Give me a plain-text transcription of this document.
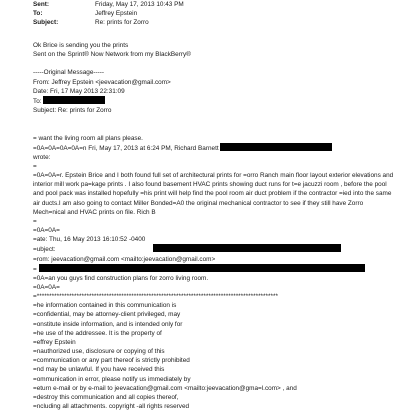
Sent:	Friday, May 17, 2013 10:43 PM
To:	Jeffrey Epstein
Subject:	Re: prints for Zorro
Ok Brice is sending you the prints
Sent on the Sprint® Now Network from my BlackBerry®
-----Original Message-----
From: Jeffrey Epstein <jeevacation@gmail.com>
Date: Fri, 17 May 2013 22:31:09
To:
Subject: Re: prints for Zorro
= want the living room all plans please.
=0A=0A=0A=0A=n Fri, May 17, 2013 at 6:24 PM, Richard Barnett
wrote:
=
=0A=0A=r. Epstein Brice and I both found full set of architectural prints for =orro Ranch main floor layout exterior elevations and interior mill work pa=kage prints . I also found basement HVAC prints showing duct runs for t=e jacuzzi room , before the pool and pool pack was installed hopefully =his print will help find the pool room air duct problem if the contractor =ied into the same air ducts.I am also going to contact Miller Bonded=A0 the original mechanical contractor to see if they still have Zorro Mech=nical and HVAC prints on file. Rich B
=
=0A=0A=
=ate: Thu, 16 May 2013 16:10:52 -0400
=ubject:
=rom: jeevacation@gmail.com <mailto:jeevacation@gmail.com>
=
=0A=an you guys find construction plans for zorro living room.
=0A=0A=
=*************************************************************************************************
=he information contained in this communication is
=confidential, may be attorney-client privileged, may
=onstitute inside information, and is intended only for
=he use of the addressee. It is the property of
=effrey Epstein
=nauthorized use, disclosure or copying of this
=communication or any part thereof is strictly prohibited
=nd may be unlawful. If you have received this
=ommunication in error, please notify us immediately by
=eturn e-mail or by e-mail to jeevacation@gmail.com <mailto:jeevacation@gma=l.com> , and
=destroy this communication and all copies thereof,
=ncluding all attachments. copyright -all rights reserved
